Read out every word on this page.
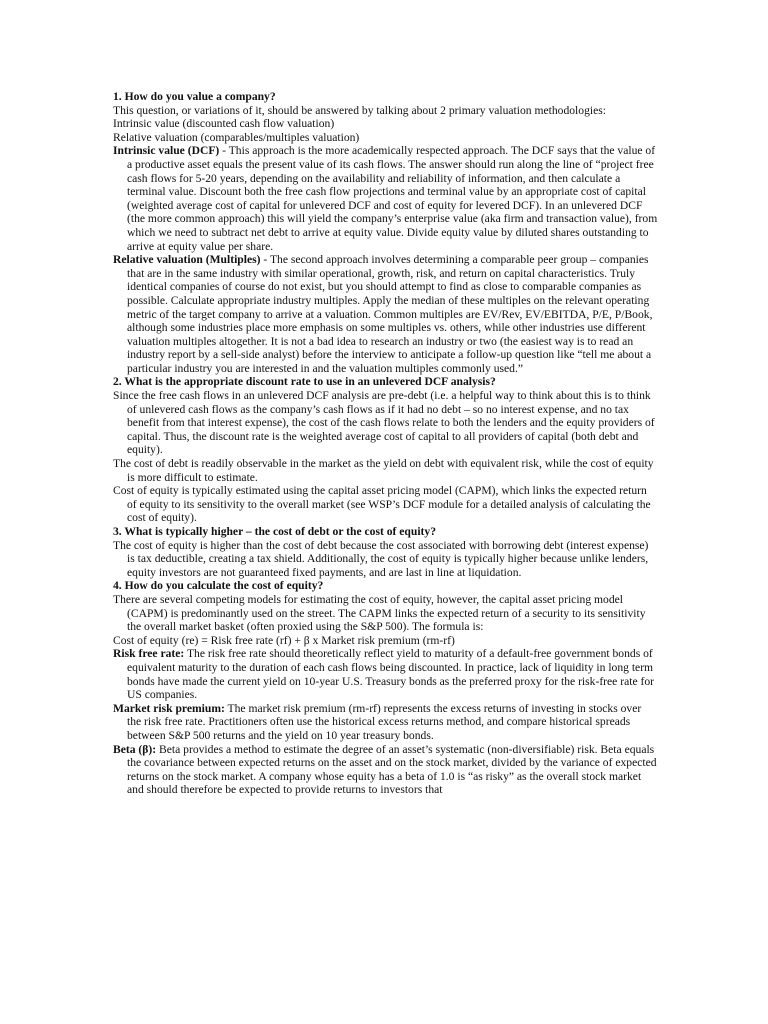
1. How do you value a company?

This question, or variations of it, should be answered by talking about 2 primary valuation methodologies:

Intrinsic value (discounted cash flow valuation)

Relative valuation (comparables/multiples valuation)

Intrinsic value (DCF) - This approach is the more academically respected approach. The DCF says that the value of a productive asset equals the present value of its cash flows. The answer should run along the line of “project free cash flows for 5-20 years, depending on the availability and reliability of information, and then calculate a terminal value. Discount both the free cash flow projections and terminal value by an appropriate cost of capital (weighted average cost of capital for unlevered DCF and cost of equity for levered DCF). In an unlevered DCF (the more common approach) this will yield the company’s enterprise value (aka firm and transaction value), from which we need to subtract net debt to arrive at equity value. Divide equity value by diluted shares outstanding to arrive at equity value per share.

Relative valuation (Multiples) - The second approach involves determining a comparable peer group – companies that are in the same industry with similar operational, growth, risk, and return on capital characteristics. Truly identical companies of course do not exist, but you should attempt to find as close to comparable companies as possible. Calculate appropriate industry multiples. Apply the median of these multiples on the relevant operating metric of the target company to arrive at a valuation. Common multiples are EV/Rev, EV/EBITDA, P/E, P/Book, although some industries place more emphasis on some multiples vs. others, while other industries use different valuation multiples altogether. It is not a bad idea to research an industry or two (the easiest way is to read an industry report by a sell-side analyst) before the interview to anticipate a follow-up question like “tell me about a particular industry you are interested in and the valuation multiples commonly used.”

2. What is the appropriate discount rate to use in an unlevered DCF analysis?

Since the free cash flows in an unlevered DCF analysis are pre-debt (i.e. a helpful way to think about this is to think of unlevered cash flows as the company’s cash flows as if it had no debt – so no interest expense, and no tax benefit from that interest expense), the cost of the cash flows relate to both the lenders and the equity providers of capital. Thus, the discount rate is the weighted average cost of capital to all providers of capital (both debt and equity).

The cost of debt is readily observable in the market as the yield on debt with equivalent risk, while the cost of equity is more difficult to estimate.

Cost of equity is typically estimated using the capital asset pricing model (CAPM), which links the expected return of equity to its sensitivity to the overall market (see WSP’s DCF module for a detailed analysis of calculating the cost of equity).

3. What is typically higher – the cost of debt or the cost of equity?

The cost of equity is higher than the cost of debt because the cost associated with borrowing debt (interest expense) is tax deductible, creating a tax shield. Additionally, the cost of equity is typically higher because unlike lenders, equity investors are not guaranteed fixed payments, and are last in line at liquidation.

4. How do you calculate the cost of equity?

There are several competing models for estimating the cost of equity, however, the capital asset pricing model (CAPM) is predominantly used on the street. The CAPM links the expected return of a security to its sensitivity the overall market basket (often proxied using the S&P 500). The formula is:

Cost of equity (re) = Risk free rate (rf) + β x Market risk premium (rm-rf)

Risk free rate: The risk free rate should theoretically reflect yield to maturity of a default-free government bonds of equivalent maturity to the duration of each cash flows being discounted. In practice, lack of liquidity in long term bonds have made the current yield on 10-year U.S. Treasury bonds as the preferred proxy for the risk-free rate for US companies.

Market risk premium: The market risk premium (rm-rf) represents the excess returns of investing in stocks over the risk free rate. Practitioners often use the historical excess returns method, and compare historical spreads between S&P 500 returns and the yield on 10 year treasury bonds.

Beta (β): Beta provides a method to estimate the degree of an asset’s systematic (non-diversifiable) risk. Beta equals the covariance between expected returns on the asset and on the stock market, divided by the variance of expected returns on the stock market. A company whose equity has a beta of 1.0 is “as risky” as the overall stock market and should therefore be expected to provide returns to investors that
